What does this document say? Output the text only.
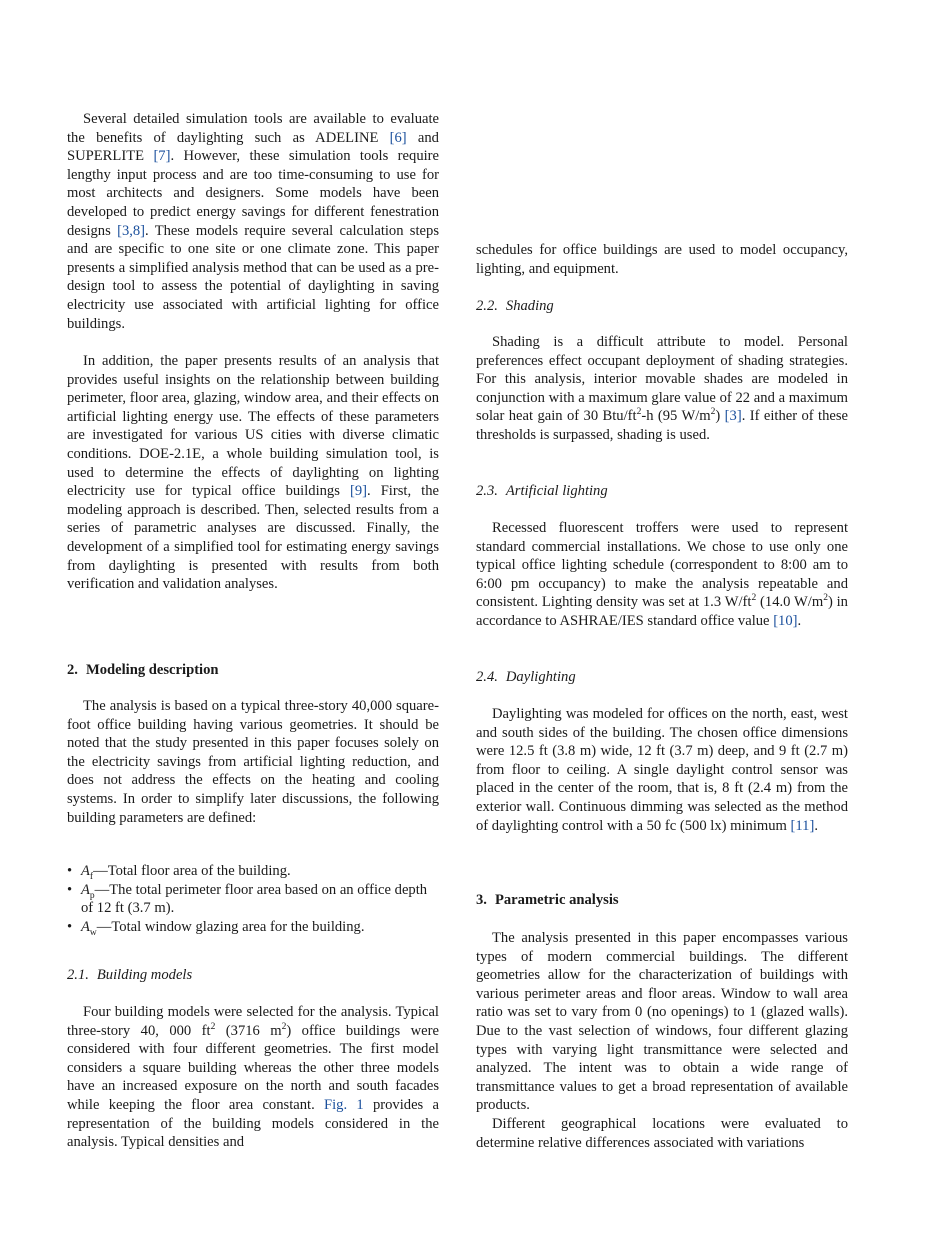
Several detailed simulation tools are available to evaluate the benefits of daylighting such as ADELINE [6] and SUPERLITE [7]. However, these simulation tools require lengthy input process and are too time-consuming to use for most architects and designers. Some models have been developed to predict energy savings for different fenestration designs [3,8]. These models require several calculation steps and are specific to one site or one climate zone. This paper presents a simplified analysis method that can be used as a pre-design tool to assess the potential of daylighting in saving electricity use associated with artificial lighting for office buildings.

In addition, the paper presents results of an analysis that provides useful insights on the relationship between building perimeter, floor area, glazing, window area, and their effects on artificial lighting energy use. The effects of these parameters are investigated for various US cities with diverse climatic conditions. DOE-2.1E, a whole building simulation tool, is used to determine the effects of daylighting on lighting electricity use for typical office buildings [9]. First, the modeling approach is described. Then, selected results from a series of parametric analyses are discussed. Finally, the development of a simplified tool for estimating energy savings from daylighting is presented with results from both verification and validation analyses.

2. Modeling description

The analysis is based on a typical three-story 40,000 square-foot office building having various geometries. It should be noted that the study presented in this paper focuses solely on the electricity savings from artificial lighting reduction, and does not address the effects on the heating and cooling systems. In order to simplify later discussions, the following building parameters are defined:

• $A_f—Total$ floor area of the building.
• $A_p—The$ total perimeter floor area based on an office depth of 12 ft (3.7 m).
• $A_w—Total$ window glazing area for the building.
2.1. Building models

Four building models were selected for the analysis. Typical three-story 40, 000 $ft^2$ (3716 $m^2$) office buildings were considered with four different geometries. The first model considers a square building whereas the other three models have an increased exposure on the north and south facades while keeping the floor area constant. Fig. 1 provides a representation of the building models considered in the analysis. Typical densities and

schedules for office buildings are used to model occupancy, lighting, and equipment.

2.2. Shading

Shading is a difficult attribute to model. Personal preferences effect occupant deployment of shading strategies. For this analysis, interior movable shades are modeled in conjunction with a maximum glare value of 22 and a maximum solar heat gain of 30 Btu/$ft^2-h$ (95 $W/m^2$) [3]. If either of these thresholds is surpassed, shading is used.

2.3. Artificial lighting

Recessed fluorescent troffers were used to represent standard commercial installations. We chose to use only one typical office lighting schedule (correspondent to 8:00 am to 6:00 pm occupancy) to make the analysis repeatable and consistent. Lighting density was set at 1.3 $W/ft^2$ (14.0 $W/m^2$) in accordance to ASHRAE/IES standard office value [10].

2.4. Daylighting

Daylighting was modeled for offices on the north, east, west and south sides of the building. The chosen office dimensions were 12.5 ft (3.8 m) wide, 12 ft (3.7 m) deep, and 9 ft (2.7 m) from floor to ceiling. A single daylight control sensor was placed in the center of the room, that is, 8 ft (2.4 m) from the exterior wall. Continuous dimming was selected as the method of daylighting control with a 50 fc (500 lx) minimum [11].

3. Parametric analysis

The analysis presented in this paper encompasses various types of modern commercial buildings. The different geometries allow for the characterization of buildings with various perimeter areas and floor areas. Window to wall area ratio was set to vary from 0 (no openings) to 1 (glazed walls). Due to the vast selection of windows, four different glazing types with varying light transmittance were selected and analyzed. The intent was to obtain a wide range of transmittance values to get a broad representation of available products.

Different geographical locations were evaluated to determine relative differences associated with variations
